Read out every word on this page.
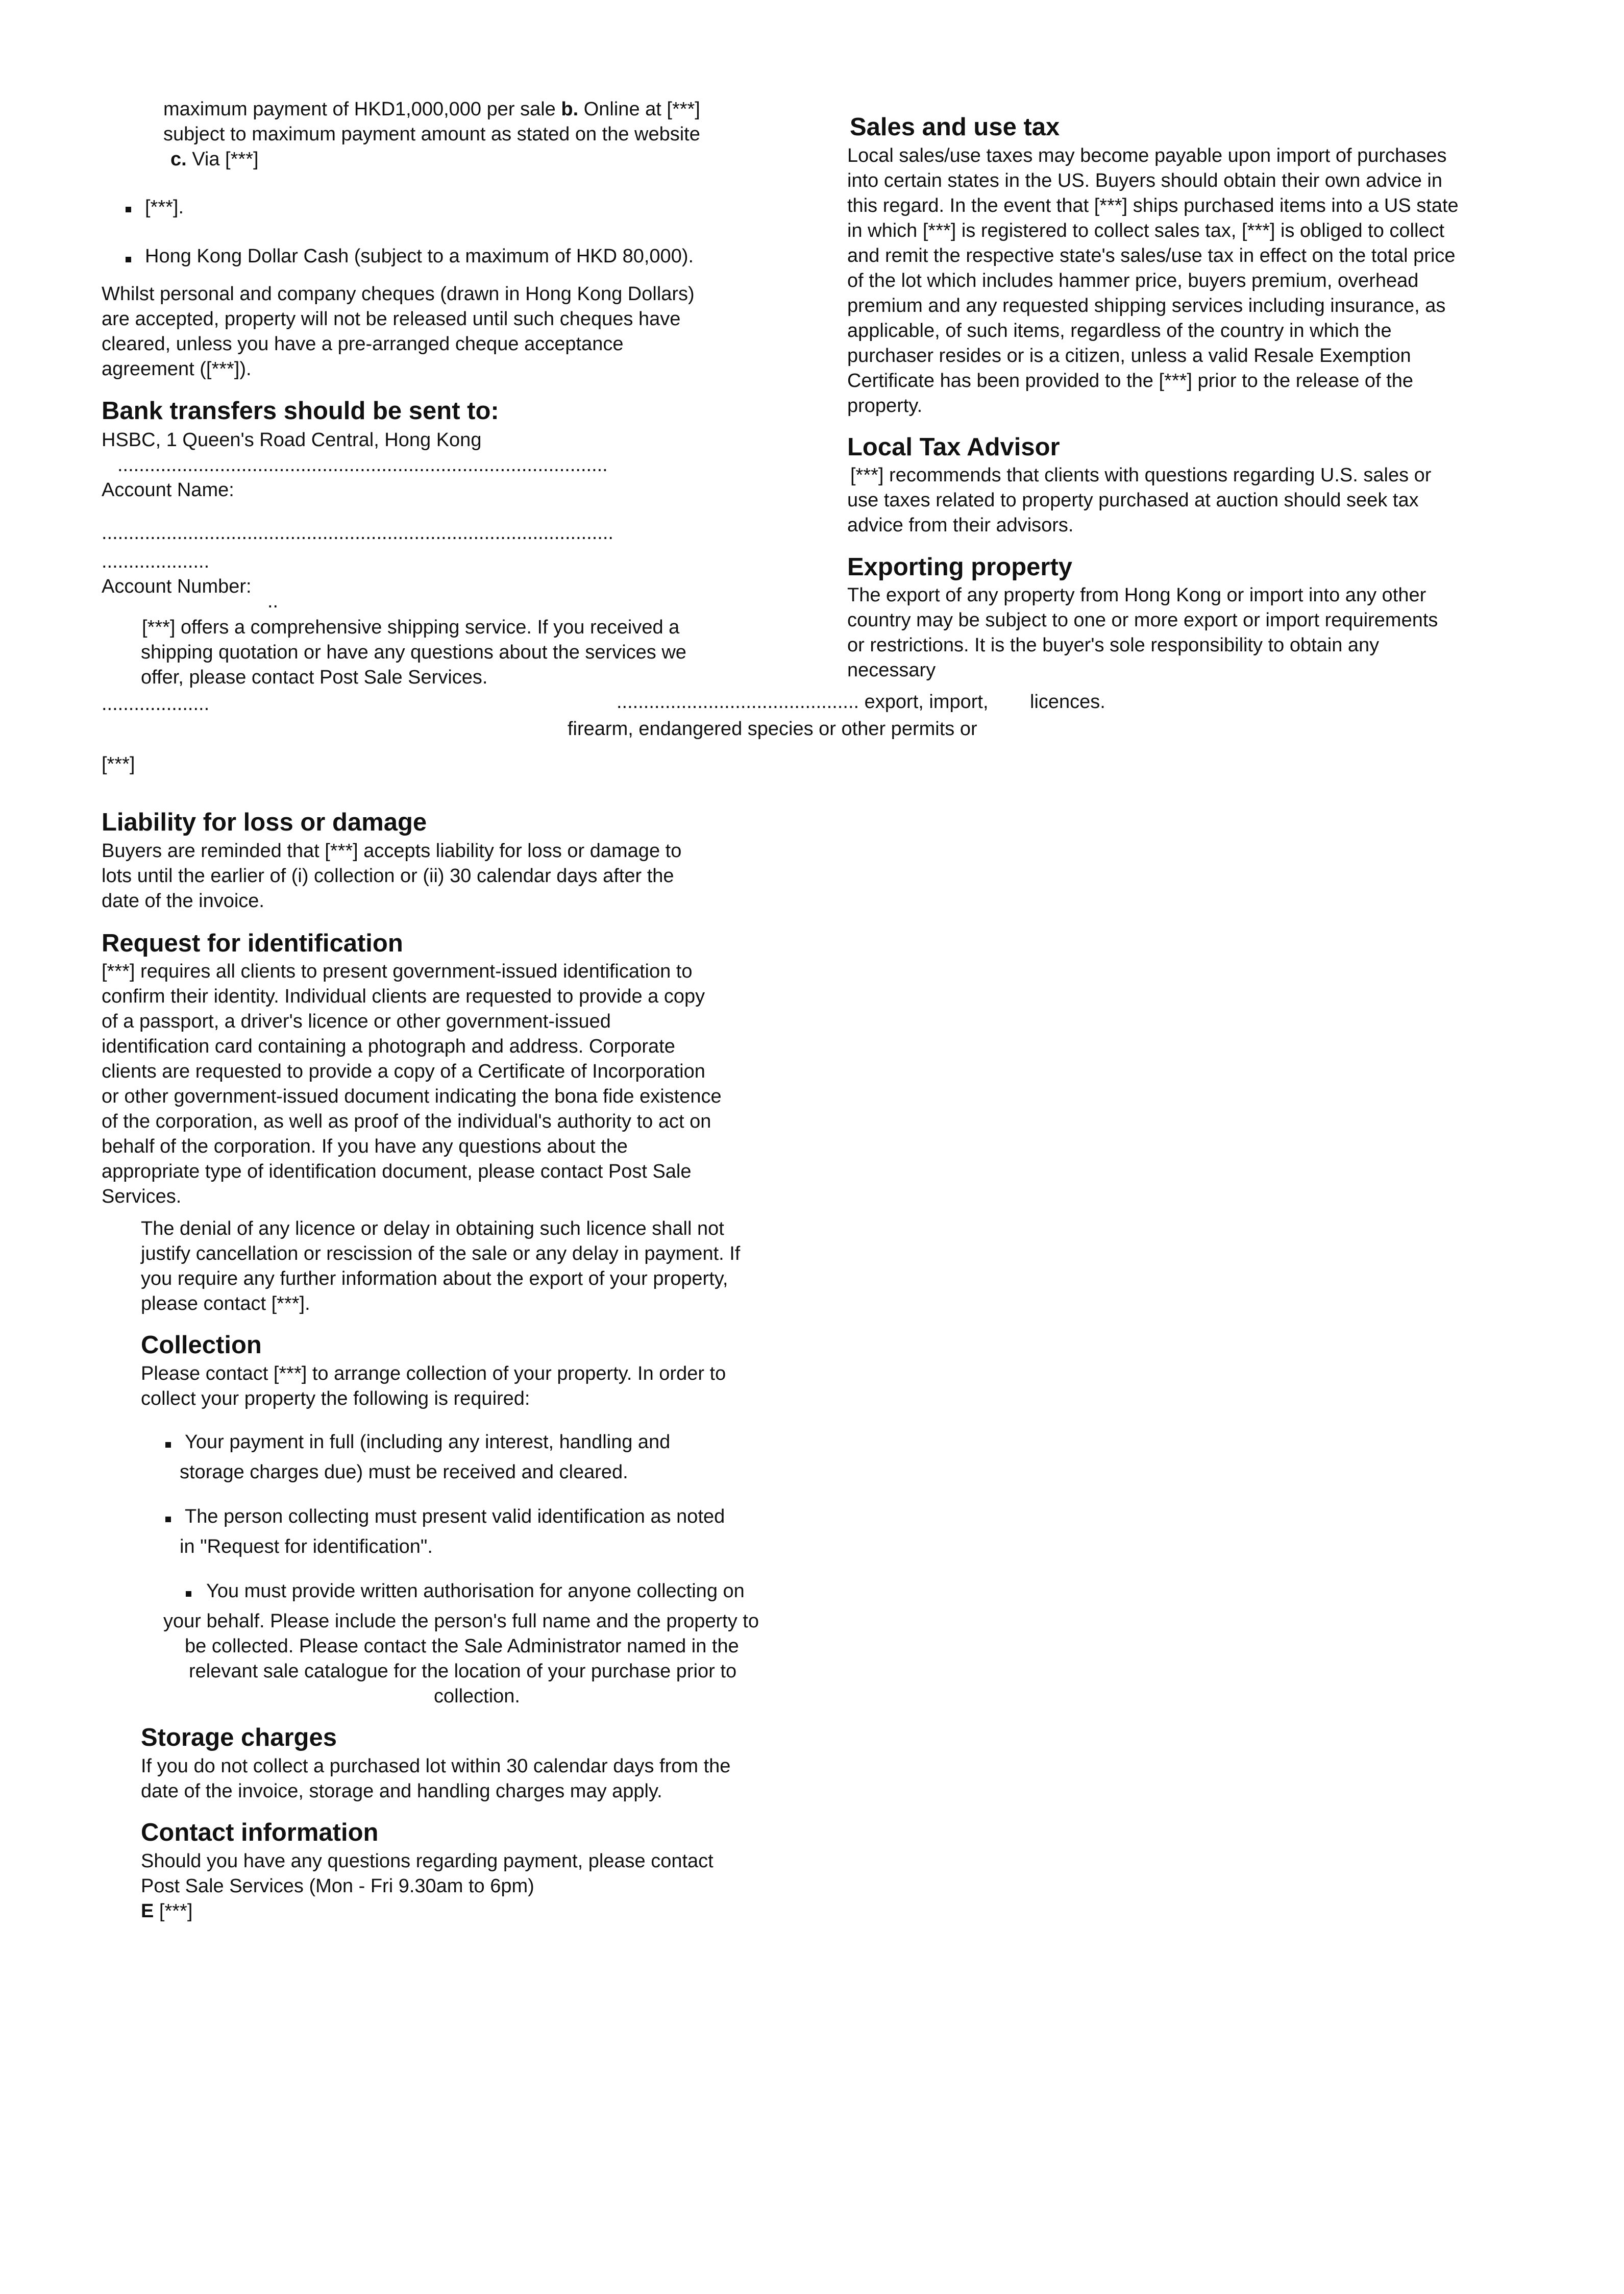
maximum payment of HKD1,000,000 per sale b. Online at [***]

subject to maximum payment amount as stated on the website

c. Via [***]

[***].

Hong Kong Dollar Cash (subject to a maximum of HKD 80,000).

Whilst personal and company cheques (drawn in Hong Kong Dollars)

are accepted, property will not be released until such cheques have

cleared, unless you have a pre-arranged cheque acceptance

agreement ([***]).

Bank transfers should be sent to:

HSBC, 1 Queen's Road Central, Hong Kong

...........................................................................................

Account Name:

...............................................................................................

....................

Account Number:

..

[***] offers a comprehensive shipping service. If you received a

shipping quotation or have any questions about the services we

offer, please contact Post Sale Services.

....................	............................................. export, import, licences.

firearm, endangered species or other permits or

[***]

Liability for loss or damage

Buyers are reminded that [***] accepts liability for loss or damage to

lots until the earlier of (i) collection or (ii) 30 calendar days after the

date of the invoice.

Request for identification

[***] requires all clients to present government-issued identification to

confirm their identity. Individual clients are requested to provide a copy

of a passport, a driver's licence or other government-issued

identification card containing a photograph and address. Corporate

clients are requested to provide a copy of a Certificate of Incorporation

or other government-issued document indicating the bona fide existence

of the corporation, as well as proof of the individual's authority to act on

behalf of the corporation. If you have any questions about the

appropriate type of identification document, please contact Post Sale

Services.

The denial of any licence or delay in obtaining such licence shall not

justify cancellation or rescission of the sale or any delay in payment. If

you require any further information about the export of your property,

please contact [***].

Collection

Please contact [***] to arrange collection of your property. In order to

collect your property the following is required:

Your payment in full (including any interest, handling and

storage charges due) must be received and cleared.

The person collecting must present valid identification as noted

in "Request for identification".

You must provide written authorisation for anyone collecting on

your behalf. Please include the person's full name and the property to

be collected. Please contact the Sale Administrator named in the

relevant sale catalogue for the location of your purchase prior to

collection.

Storage charges

If you do not collect a purchased lot within 30 calendar days from the

date of the invoice, storage and handling charges may apply.

Contact information

Should you have any questions regarding payment, please contact

Post Sale Services (Mon - Fri 9.30am to 6pm)

E [***]

Sales and use tax

Local sales/use taxes may become payable upon import of purchases

into certain states in the US. Buyers should obtain their own advice in

this regard. In the event that [***] ships purchased items into a US state

in which [***] is registered to collect sales tax, [***] is obliged to collect

and remit the respective state's sales/use tax in effect on the total price

of the lot which includes hammer price, buyers premium, overhead

premium and any requested shipping services including insurance, as

applicable, of such items, regardless of the country in which the

purchaser resides or is a citizen, unless a valid Resale Exemption

Certificate has been provided to the [***] prior to the release of the

property.

Local Tax Advisor

[***] recommends that clients with questions regarding U.S. sales or

use taxes related to property purchased at auction should seek tax

advice from their advisors.

Exporting property

The export of any property from Hong Kong or import into any other

country may be subject to one or more export or import requirements

or restrictions. It is the buyer's sole responsibility to obtain any

necessary
